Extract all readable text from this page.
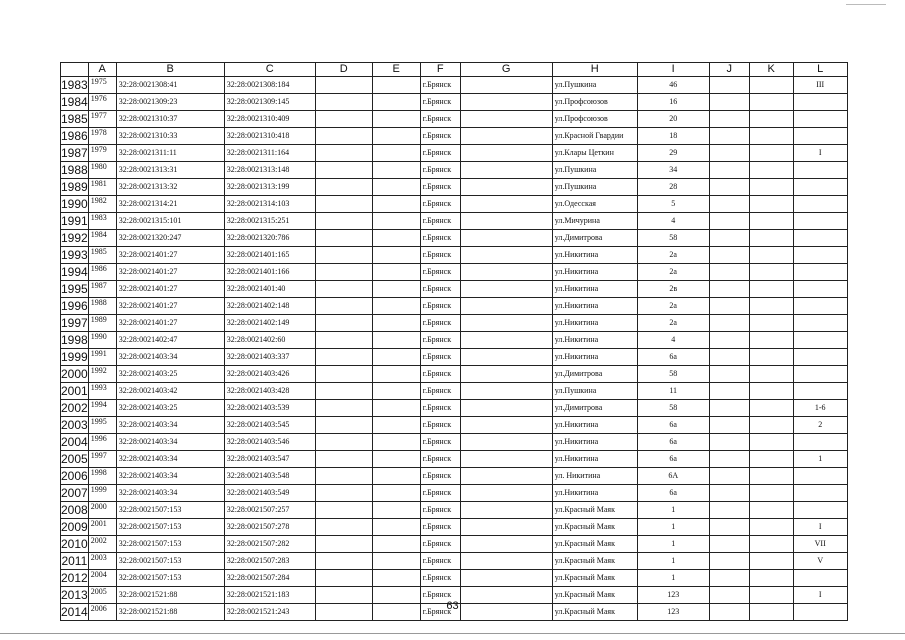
	A	B	C	D	E	F	G	H	I	J	K	L
1983	1975	32:28:0021308:41	32:28:0021308:184			г.Брянск		ул.Пушкина	46			III
1984	1976	32:28:0021309:23	32:28:0021309:145			г.Брянск		ул.Профсоюзов	16			
1985	1977	32:28:0021310:37	32:28:0021310:409			г.Брянск		ул.Профсоюзов	20			
1986	1978	32:28:0021310:33	32:28:0021310:418			г.Брянск		ул.Красной Гвардии	18			
1987	1979	32:28:0021311:11	32:28:0021311:164			г.Брянск		ул.Клары Цеткин	29			I
1988	1980	32:28:0021313:31	32:28:0021313:148			г.Брянск		ул.Пушкина	34			
1989	1981	32:28:0021313:32	32:28:0021313:199			г.Брянск		ул.Пушкина	28			
1990	1982	32:28:0021314:21	32:28:0021314:103			г.Брянск		ул.Одесская	5			
1991	1983	32:28:0021315:101	32:28:0021315:251			г.Брянск		ул.Мичурина	4			
1992	1984	32:28:0021320:247	32:28:0021320:786			г.Брянск		ул.Димитрова	58			
1993	1985	32:28:0021401:27	32:28:0021401:165			г.Брянск		ул.Никитина	2а			
1994	1986	32:28:0021401:27	32:28:0021401:166			г.Брянск		ул.Никитина	2а			
1995	1987	32:28:0021401:27	32:28:0021401:40			г.Брянск		ул.Никитина	2в			
1996	1988	32:28:0021401:27	32:28:0021402:148			г.Брянск		ул.Никитина	2а			
1997	1989	32:28:0021401:27	32:28:0021402:149			г.Брянск		ул.Никитина	2а			
1998	1990	32:28:0021402:47	32:28:0021402:60			г.Брянск		ул.Никитина	4			
1999	1991	32:28:0021403:34	32:28:0021403:337			г.Брянск		ул.Никитина	6а			
2000	1992	32:28:0021403:25	32:28:0021403:426			г.Брянск		ул.Димитрова	58			
2001	1993	32:28:0021403:42	32:28:0021403:428			г.Брянск		ул.Пушкина	11			
2002	1994	32:28:0021403:25	32:28:0021403:539			г.Брянск		ул.Димитрова	58			1-6
2003	1995	32:28:0021403:34	32:28:0021403:545			г.Брянск		ул.Никитина	6а			2
2004	1996	32:28:0021403:34	32:28:0021403:546			г.Брянск		ул.Никитина	6а			
2005	1997	32:28:0021403:34	32:28:0021403:547			г.Брянск		ул.Никитина	6а			1
2006	1998	32:28:0021403:34	32:28:0021403:548			г.Брянск		ул. Никитина	6А			
2007	1999	32:28:0021403:34	32:28:0021403:549			г.Брянск		ул.Никитина	6а			
2008	2000	32:28:0021507:153	32:28:0021507:257			г.Брянск		ул.Красный Маяк	1			
2009	2001	32:28:0021507:153	32:28:0021507:278			г.Брянск		ул.Красный Маяк	1			I
2010	2002	32:28:0021507:153	32:28:0021507:282			г.Брянск		ул.Красный Маяк	1			VII
2011	2003	32:28:0021507:153	32:28:0021507:283			г.Брянск		ул.Красный Маяк	1			V
2012	2004	32:28:0021507:153	32:28:0021507:284			г.Брянск		ул.Красный Маяк	1			
2013	2005	32:28:0021521:88	32:28:0021521:183			г.Брянск		ул.Красный Маяк	123			I
2014	2006	32:28:0021521:88	32:28:0021521:243			г.Брянск		ул.Красный Маяк	123			
63
